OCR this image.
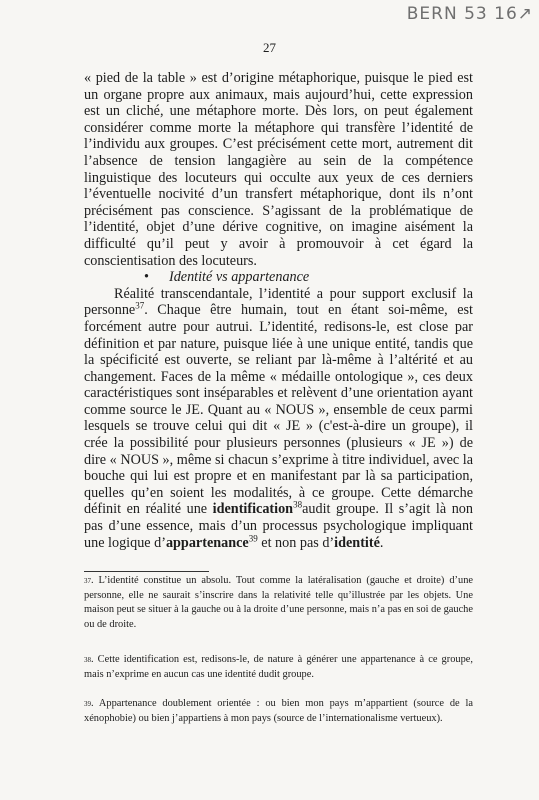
BERN 53 16↗
27

« pied de la table » est d’origine métaphorique, puisque le pied est un organe propre aux animaux, mais aujourd’hui, cette expression est un cliché, une métaphore morte. Dès lors, on peut également considérer comme morte la métaphore qui transfère l’identité de l’individu aux groupes. C’est précisément cette mort, autrement dit l’absence de tension langagière au sein de la compétence linguistique des locuteurs qui occulte aux yeux de ces derniers l’éventuelle nocivité d’un transfert métaphorique, dont ils n’ont précisément pas conscience. S’agissant de la problématique de l’identité, objet d’une dérive cognitive, on imagine aisément la difficulté qu’il peut y avoir à promouvoir à cet égard la conscientisation des locuteurs.

• Identité vs appartenance

Réalité transcendantale, l’identité a pour support exclusif la personne$^{37}$. Chaque être humain, tout en étant soi-même, est forcément autre pour autrui. L’identité, redisons-le, est close par définition et par nature, puisque liée à une unique entité, tandis que la spécificité est ouverte, se reliant par là-même à l’altérité et au changement. Faces de la même « médaille ontologique », ces deux caractéristiques sont inséparables et relèvent d’une orientation ayant comme source le JE. Quant au « NOUS », ensemble de ceux parmi lesquels se trouve celui qui dit « JE » (c'est-à-dire un groupe), il crée la possibilité pour plusieurs personnes (plusieurs « JE ») de dire « NOUS », même si chacun s’exprime à titre individuel, avec la bouche qui lui est propre et en manifestant par là sa participation, quelles qu’en soient les modalités, à ce groupe. Cette démarche définit en réalité une identification$^{38}$audit groupe. Il s’agit là non pas d’une essence, mais d’un processus psychologique impliquant une logique d’appartenance$^{39}$ et non pas d’identité.

$^{37}$. L’identité constitue un absolu. Tout comme la latéralisation (gauche et droite) d’une personne, elle ne saurait s’inscrire dans la relativité telle qu’illustrée par les objets. Une maison peut se situer à la gauche ou à la droite d’une personne, mais n’a pas en soi de gauche ou de droite.
$^{38}$. Cette identification est, redisons-le, de nature à générer une appartenance à ce groupe, mais n’exprime en aucun cas une identité dudit groupe.
$^{39}$. Appartenance doublement orientée : ou bien mon pays m’appartient (source de la xénophobie) ou bien j’appartiens à mon pays (source de l’internationalisme vertueux).
